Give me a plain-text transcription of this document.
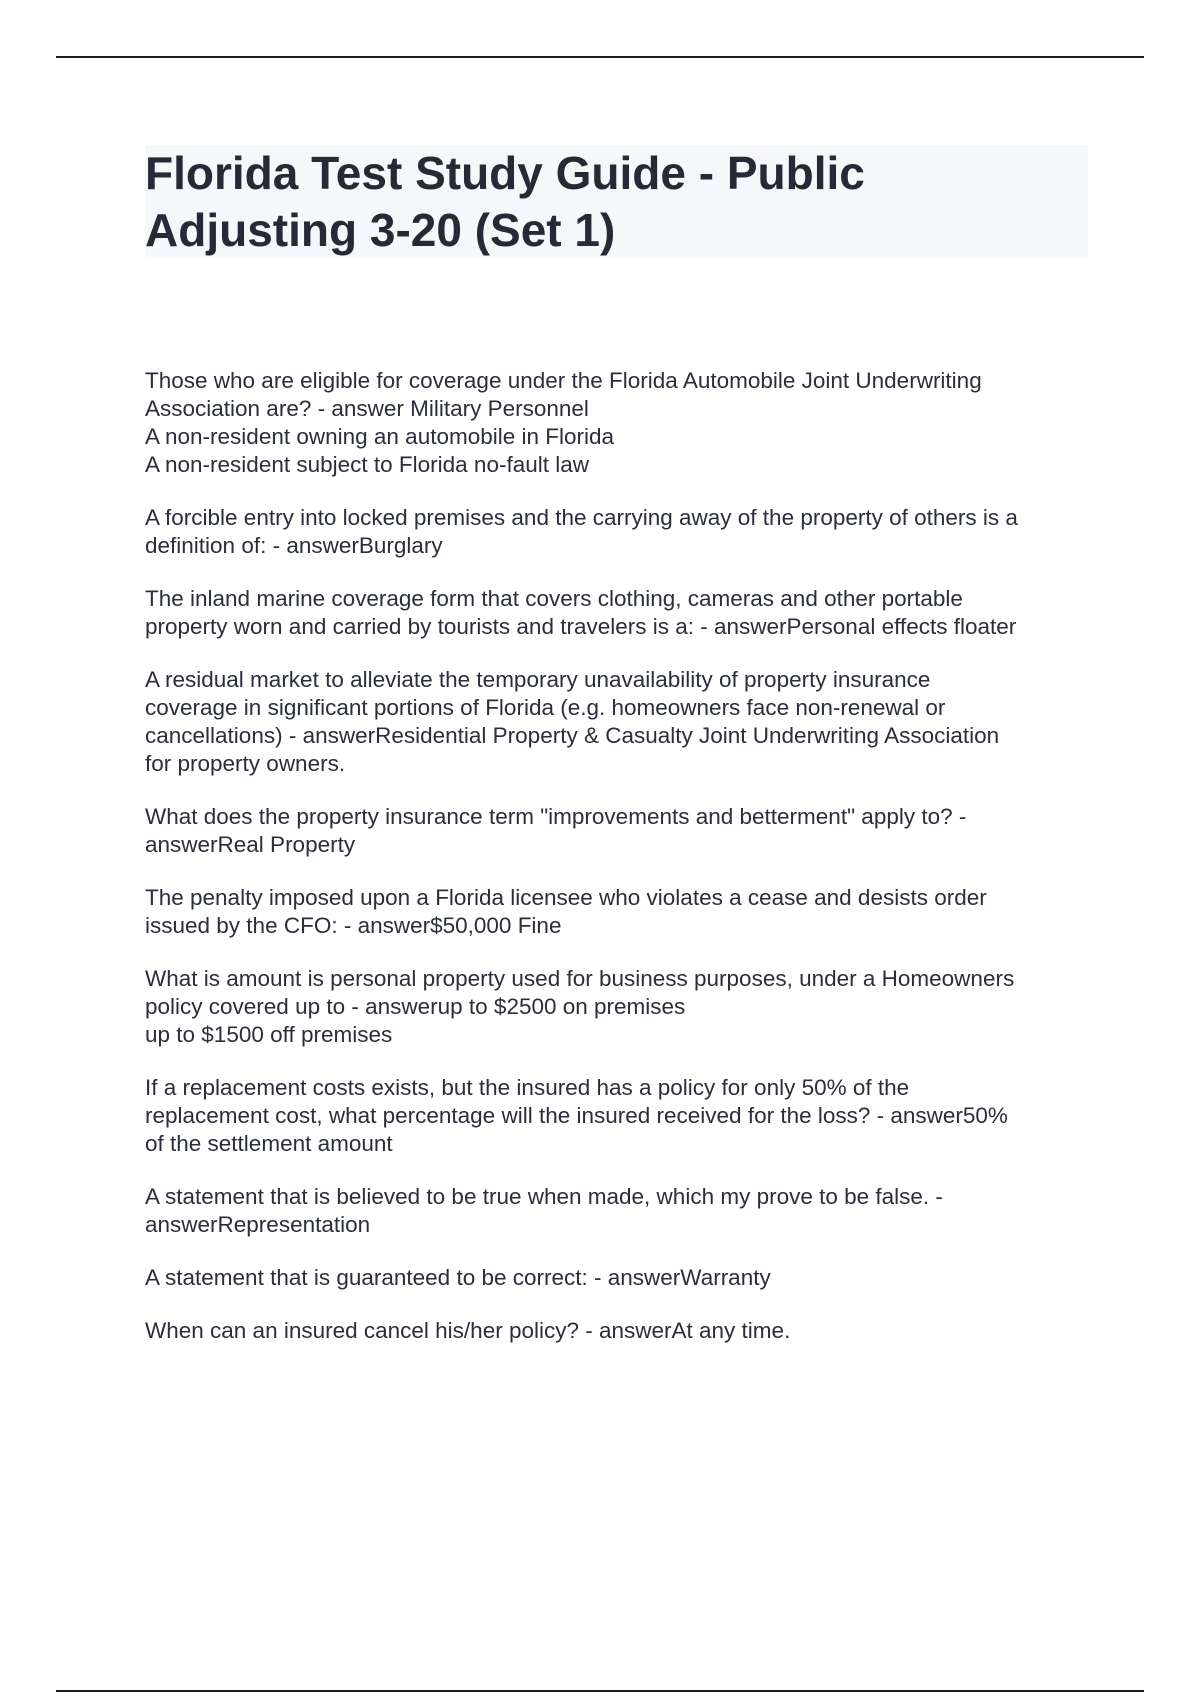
Florida Test Study Guide - Public
Adjusting 3-20 (Set 1)

Those who are eligible for coverage under the Florida Automobile Joint Underwriting
Association are? - answer Military Personnel
A non-resident owning an automobile in Florida
A non-resident subject to Florida no-fault law

A forcible entry into locked premises and the carrying away of the property of others is a
definition of: - answerBurglary

The inland marine coverage form that covers clothing, cameras and other portable
property worn and carried by tourists and travelers is a: - answerPersonal effects floater

A residual market to alleviate the temporary unavailability of property insurance
coverage in significant portions of Florida (e.g. homeowners face non-renewal or
cancellations) - answerResidential Property & Casualty Joint Underwriting Association
for property owners.

What does the property insurance term "improvements and betterment" apply to? -
answerReal Property

The penalty imposed upon a Florida licensee who violates a cease and desists order
issued by the CFO: - answer$50,000 Fine

What is amount is personal property used for business purposes, under a Homeowners
policy covered up to - answerup to $2500 on premises
up to $1500 off premises

If a replacement costs exists, but the insured has a policy for only 50% of the
replacement cost, what percentage will the insured received for the loss? - answer50%
of the settlement amount

A statement that is believed to be true when made, which my prove to be false. -
answerRepresentation

A statement that is guaranteed to be correct: - answerWarranty

When can an insured cancel his/her policy? - answerAt any time.
